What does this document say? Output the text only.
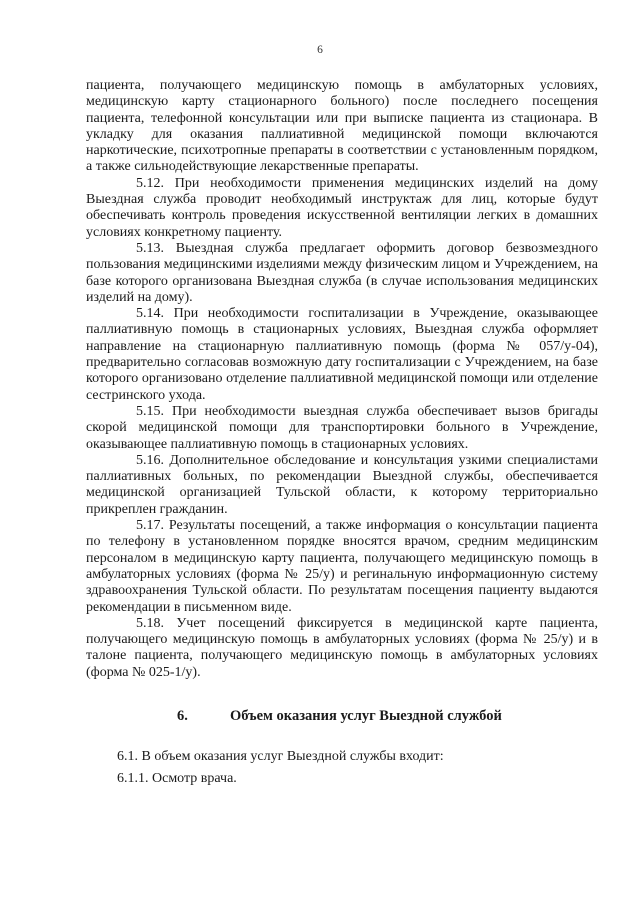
6

пациента, получающего медицинскую помощь в амбулаторных условиях, медицинскую карту стационарного больного) после последнего посещения пациента, телефонной консультации или при выписке пациента из стационара. В укладку для оказания паллиативной медицинской помощи включаются наркотические, психотропные препараты в соответствии с установленным порядком, а также сильнодействующие лекарственные препараты.

5.12. При необходимости применения медицинских изделий на дому Выездная служба проводит необходимый инструктаж для лиц, которые будут обеспечивать контроль проведения искусственной вентиляции легких в домашних условиях конкретному пациенту.

5.13. Выездная служба предлагает оформить договор безвозмездного пользования медицинскими изделиями между физическим лицом и Учреждением, на базе которого организована Выездная служба (в случае использования медицинских изделий на дому).

5.14. При необходимости госпитализации в Учреждение, оказывающее паллиативную помощь в стационарных условиях, Выездная служба оформляет направление на стационарную паллиативную помощь (форма № 057/у-04), предварительно согласовав возможную дату госпитализации с Учреждением, на базе которого организовано отделение паллиативной медицинской помощи или отделение сестринского ухода.

5.15. При необходимости выездная служба обеспечивает вызов бригады скорой медицинской помощи для транспортировки больного в Учреждение, оказывающее паллиативную помощь в стационарных условиях.

5.16. Дополнительное обследование и консультация узкими специалистами паллиативных больных, по рекомендации Выездной службы, обеспечивается медицинской организацией Тульской области, к которому территориально прикреплен гражданин.

5.17. Результаты посещений, а также информация о консультации пациента по телефону в установленном порядке вносятся врачом, средним медицинским персоналом в медицинскую карту пациента, получающего медицинскую помощь в амбулаторных условиях (форма № 25/у) и регинальную информационную систему здравоохранения Тульской области. По результатам посещения пациенту выдаются рекомендации в письменном виде.

5.18. Учет посещений фиксируется в медицинской карте пациента, получающего медицинскую помощь в амбулаторных условиях (форма № 25/у) и в талоне пациента, получающего медицинскую помощь в амбулаторных условиях (форма № 025-1/у).

6.	Объем оказания услуг Выездной службой

6.1. В объем оказания услуг Выездной службы входит:

6.1.1. Осмотр врача.
